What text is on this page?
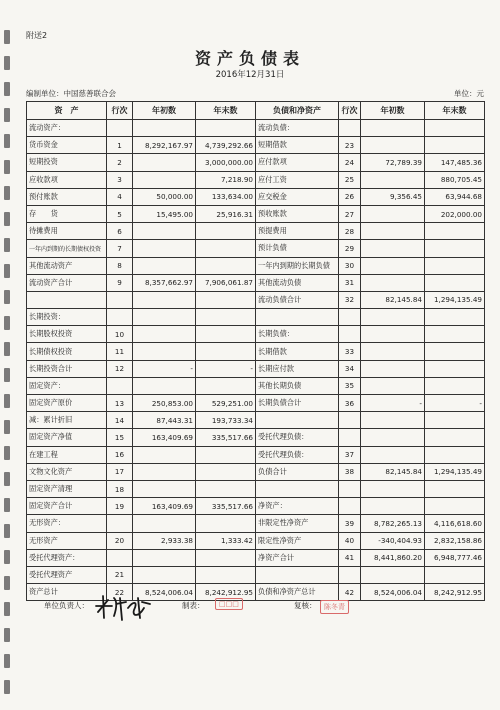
附送2
资产负债表
2016年12月31日
编制单位：中国慈善联合会	单位：元
资　产	行次	年初数	年末数	负债和净资产	行次	年初数	年末数
流动资产：				流动负债：			
货币资金	1	8,292,167.97	4,739,292.66	短期借款	23		
短期投资	2		3,000,000.00	应付款项	24	72,789.39	147,485.36
应收款项	3		7,218.90	应付工资	25		880,705.45
预付账款	4	50,000.00	133,634.00	应交税金	26	9,356.45	63,944.68
存　　货	5	15,495.00	25,916.31	预收账款	27		202,000.00
待摊费用	6			预提费用	28		
一年内到期的长期债权投资	7			预计负债	29		
其他流动资产	8			一年内到期的长期负债	30		
流动资产合计	9	8,357,662.97	7,906,061.87	其他流动负债	31		
				流动负债合计	32	82,145.84	1,294,135.49
长期投资：							
长期股权投资	10			长期负债：			
长期债权投资	11			长期借款	33		
长期投资合计	12	-	-	长期应付款	34		
固定资产：				其他长期负债	35		
固定资产原价	13	250,853.00	529,251.00	长期负债合计	36	-	-
减：累计折旧	14	87,443.31	193,733.34				
固定资产净值	15	163,409.69	335,517.66	受托代理负债：			
在建工程	16			受托代理负债：	37		
文物文化资产	17			负债合计	38	82,145.84	1,294,135.49
固定资产清理	18						
固定资产合计	19	163,409.69	335,517.66	净资产：			
无形资产：				非限定性净资产	39	8,782,265.13	4,116,618.60
无形资产	20	2,933.38	1,333.42	限定性净资产	40	-340,404.93	2,832,158.86
受托代理资产：				净资产合计	41	8,441,860.20	6,948,777.46
受托代理资产	21						
资产总计	22	8,524,006.04	8,242,912.95	负债和净资产总计	42	8,524,006.04	8,242,912.95
单位负责人：	制表：	□□□	复核：	陈冬青
